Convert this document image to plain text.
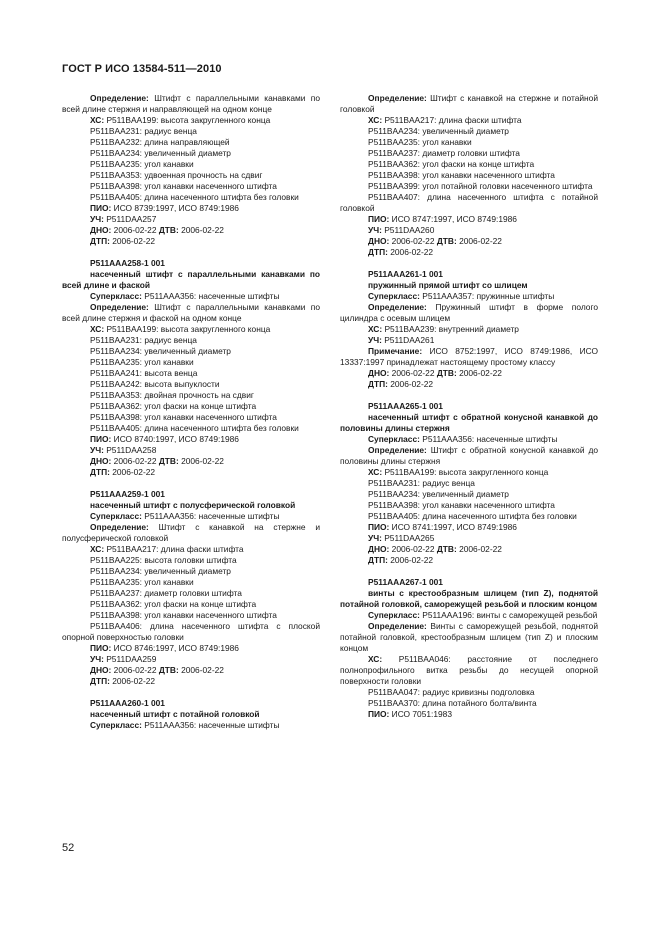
ГОСТ Р ИСО 13584-511—2010

Определение: Штифт с параллельными канавками по всей длине стержня и направляющей на одном конце

ХС: P511BAA199: высота закругленного конца

P511BAA231: радиус венца

P511BAA232: длина направляющей

P511BAA234: увеличенный диаметр

P511BAA235: угол канавки

P511BAA353: удвоенная прочность на сдвиг

P511BAA398: угол канавки насеченного штифта

P511BAA405: длина насеченного штифта без головки

ПИО: ИСО 8739:1997, ИСО 8749:1986

УЧ: P511DAA257

ДНО: 2006-02-22 ДТВ: 2006-02-22

ДТП: 2006-02-22

P511AAA258-1 001

насеченный штифт с параллельными канавками по всей длине и фаской

Суперкласс: P511AAA356: насеченные штифты

Определение: Штифт с параллельными канавками по всей длине стержня и фаской на одном конце

ХС: P511BAA199: высота закругленного конца

P511BAA231: радиус венца

P511BAA234: увеличенный диаметр

P511BAA235: угол канавки

P511BAA241: высота венца

P511BAA242: высота выпуклости

P511BAA353: двойная прочность на сдвиг

P511BAA362: угол фаски на конце штифта

P511BAA398: угол канавки насеченного штифта

P511BAA405: длина насеченного штифта без головки

ПИО: ИСО 8740:1997, ИСО 8749:1986

УЧ: P511DAA258

ДНО: 2006-02-22 ДТВ: 2006-02-22

ДТП: 2006-02-22

P511AAA259-1 001

насеченный штифт с полусферической головкой

Суперкласс: P511AAA356: насеченные штифты

Определение: Штифт с канавкой на стержне и полусферической головкой

ХС: P511BAA217: длина фаски штифта

P511BAA225: высота головки штифта

P511BAA234: увеличенный диаметр

P511BAA235: угол канавки

P511BAA237: диаметр головки штифта

P511BAA362: угол фаски на конце штифта

P511BAA398: угол канавки насеченного штифта

P511BAA406: длина насеченного штифта с плоской опорной поверхностью головки

ПИО: ИСО 8746:1997, ИСО 8749:1986

УЧ: P511DAA259

ДНО: 2006-02-22 ДТВ: 2006-02-22

ДТП: 2006-02-22

P511AAA260-1 001

насеченный штифт с потайной головкой

Суперкласс: P511AAA356: насеченные штифты

Определение: Штифт с канавкой на стержне и потайной головкой

ХС: P511BAA217: длина фаски штифта

P511BAA234: увеличенный диаметр

P511BAA235: угол канавки

P511BAA237: диаметр головки штифта

P511BAA362: угол фаски на конце штифта

P511BAA398: угол канавки насеченного штифта

P511BAA399: угол потайной головки насеченного штифта

P511BAA407: длина насеченного штифта с потайной головкой

ПИО: ИСО 8747:1997, ИСО 8749:1986

УЧ: P511DAA260

ДНО: 2006-02-22 ДТВ: 2006-02-22

ДТП: 2006-02-22

P511AAA261-1 001

пружинный прямой штифт со шлицем

Суперкласс: P511AAA357: пружинные штифты

Определение: Пружинный штифт в форме полого цилиндра с осевым шлицем

ХС: P511BAA239: внутренний диаметр

УЧ: P511DAA261

Примечание: ИСО 8752:1997, ИСО 8749:1986, ИСО 13337:1997 принадлежат настоящему простому классу

ДНО: 2006-02-22 ДТВ: 2006-02-22

ДТП: 2006-02-22

P511AAA265-1 001

насеченный штифт с обратной конусной канавкой до половины длины стержня

Суперкласс: P511AAA356: насеченные штифты

Определение: Штифт с обратной конусной канавкой до половины длины стержня

ХС: P511BAA199: высота закругленного конца

P511BAA231: радиус венца

P511BAA234: увеличенный диаметр

P511BAA398: угол канавки насеченного штифта

P511BAA405: длина насеченного штифта без головки

ПИО: ИСО 8741:1997, ИСО 8749:1986

УЧ: P511DAA265

ДНО: 2006-02-22 ДТВ: 2006-02-22

ДТП: 2006-02-22

P511AAA267-1 001

винты с крестообразным шлицем (тип Z), поднятой потайной головкой, саморежущей резьбой и плоским концом

Суперкласс: P511AAA196: винты с саморежущей резьбой

Определение: Винты с саморежущей резьбой, поднятой потайной головкой, крестообразным шлицем (тип Z) и плоским концом

ХС: P511BAA046: расстояние от последнего полнопрофильного витка резьбы до несущей опорной поверхности головки

P511BAA047: радиус кривизны подголовка

P511BAA370: длина потайного болта/винта

ПИО: ИСО 7051:1983

52
